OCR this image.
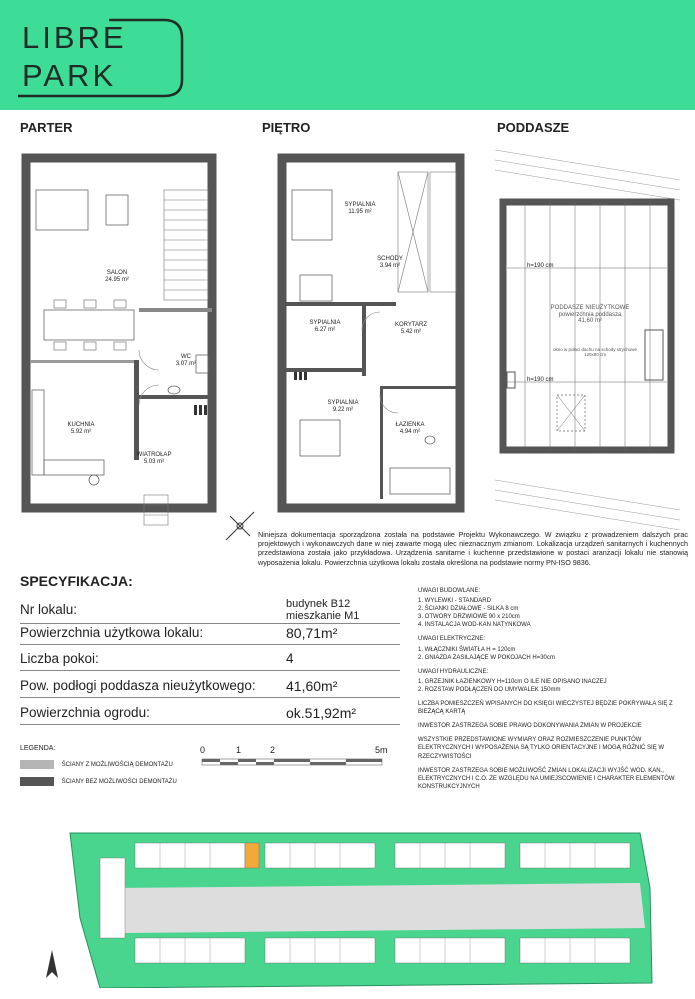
LIBRE
PARK
PARTER	PIĘTRO	PODDASZE
SALON
24.95 m²
WC
3.07 m²
KUCHNIA
5.92 m²
WIATROŁAP
5.03 m²
SYPIALNIA
11.95 m²
SCHODY
3.94 m²
SYPIALNIA
6.27 m²
KORYTARZ
5.42 m²
SYPIALNIA
9.22 m²
ŁAZIENKA
4.94 m²
h=190 cm
h=190 cm
PODDASZE NIEUŻYTKOWE
powierzchnia poddasza
41,60 m²
okno w połaci dachu na schody strychowe 120x90 cm
Niniejsza dokumentacja sporządzona została na podstawie Projektu Wykonawczego. W związku z prowadzeniem dalszych prac projektowych i wykonawczych dane w niej zawarte mogą ulec nieznacznym zmianom. Lokalizacja urządzeń sanitarnych i kuchennych przedstawiona została jako przykładowa. Urządzenia sanitarne i kuchenne przedstawione w postaci aranżacji lokalu nie stanowią wyposażenia lokalu. Powierzchnia użytkowa lokalu została określona na podstawie normy PN-ISO 9836.
SPECYFIKACJA:
Nr lokalu:	budynek B12
mieszkanie M1
Powierzchnia użytkowa lokalu:	80,71m²
Liczba pokoi:	4
Pow. podłogi poddasza nieużytkowego: 41,60m²
Powierzchnia ogrodu:	ok.51,92m²

UWAGI BUDOWLANE:

1. WYLEWKI - STANDARD
2. ŚCIANKI DZIAŁOWE - SILKA 8 cm
3. OTWORY DRZWIOWE 90 x 210cm
4. INSTALACJA WOD-KAN NATYNKOWA

UWAGI ELEKTRYCZNE:

1. WŁĄCZNIKI ŚWIATŁA H = 120cm
2. GNIAZDA ZASILAJĄCE W POKOJACH H=30cm

UWAGI HYDRAULICZNE:

1. GRZEJNIK ŁAZIENKOWY H=110cm O ILE NIE OPISANO INACZEJ
2. ROZSTAW PODŁĄCZEŃ DO UMYWALEK 150mm

LICZBA POMIESZCZEŃ WPISANYCH DO KSIĘGI WIECZYSTEJ BĘDZIE POKRYWAŁA SIĘ Z BIEŻĄCĄ KARTĄ

INWESTOR ZASTRZEGA SOBIE PRAWO DOKONYWANIA ZMIAN W PROJEKCIE

WSZYSTKIE PRZEDSTAWIONE WYMIARY ORAZ ROZMIESZCZENIE PUNKTÓW ELEKTRYCZNYCH I WYPOSAŻENIA SĄ TYLKO ORIENTACYJNE I MOGĄ RÓŻNIĆ SIĘ W RZECZYWISTOŚCI

INWESTOR ZASTRZEGA SOBIE MOŻLIWOŚĆ ZMIAN LOKALIZACJI WYJŚĆ WOD. KAN., ELEKTRYCZNYCH I C.O. ZE WZGLĘDU NA UMIEJSCOWIENIE I CHARAKTER ELEMENTÓW KONSTRUKCYJNYCH

LEGENDA:
ŚCIANY Z MOŻLIWOŚCIĄ DEMONTAŻU
ŚCIANY BEZ MOŻLIWOŚCI DEMONTAŻU
0	1	2	5m
